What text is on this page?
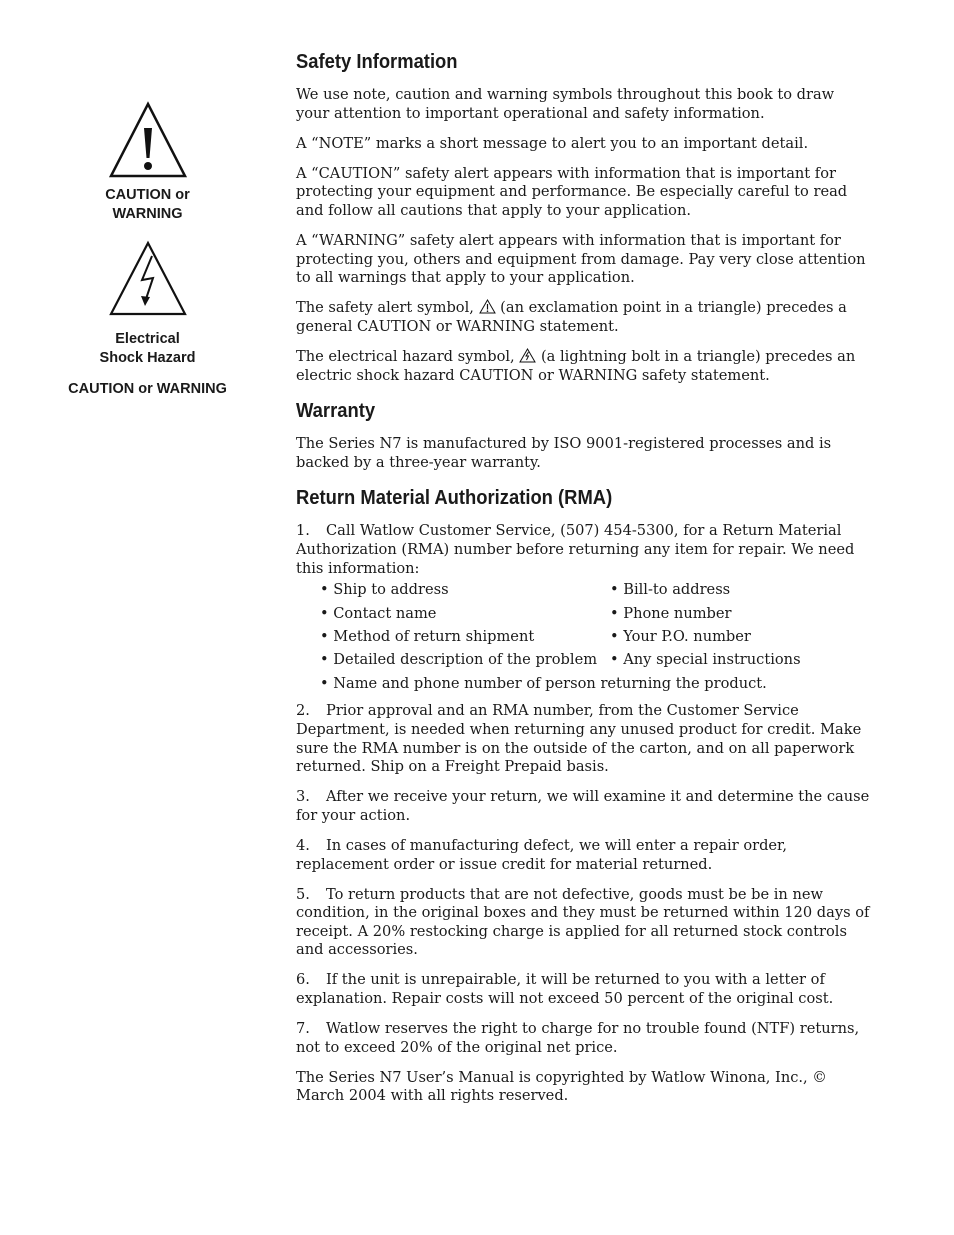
CAUTION or
WARNING
Electrical
Shock Hazard
CAUTION or WARNING
Safety Information

We use note, caution and warning symbols throughout this book to draw your attention to important operational and safety information.

A “NOTE” marks a short message to alert you to an important detail.

A “CAUTION” safety alert appears with information that is important for protecting your equipment and performance. Be especially careful to read and follow all cautions that apply to your application.

A “WARNING” safety alert appears with information that is important for protecting you, others and equipment from damage. Pay very close attention to all warnings that apply to your application.

The safety alert symbol, (an exclamation point in a triangle) precedes a general CAUTION or WARNING statement.

The electrical hazard symbol, (a lightning bolt in a triangle) precedes an electric shock hazard CAUTION or WARNING safety statement.

Warranty

The Series N7 is manufactured by ISO 9001-registered processes and is backed by a three-year warranty.

Return Material Authorization (RMA)

1. Call Watlow Customer Service, (507) 454-5300, for a Return Material Authorization (RMA) number before returning any item for repair. We need this information:

• Ship to address	• Bill-to address
• Contact name	• Phone number
• Method of return shipment	• Your P.O. number
• Detailed description of the problem • Any special instructions
• Name and phone number of person returning the product.

2. Prior approval and an RMA number, from the Customer Service Department, is needed when returning any unused product for credit. Make sure the RMA number is on the outside of the carton, and on all paperwork returned. Ship on a Freight Prepaid basis.

3. After we receive your return, we will examine it and determine the cause for your action.

4. In cases of manufacturing defect, we will enter a repair order, replacement order or issue credit for material returned.

5. To return products that are not defective, goods must be be in new condition, in the original boxes and they must be returned within 120 days of receipt. A 20% restocking charge is applied for all returned stock controls and accessories.

6. If the unit is unrepairable, it will be returned to you with a letter of explanation. Repair costs will not exceed 50 percent of the original cost.

7. Watlow reserves the right to charge for no trouble found (NTF) returns, not to exceed 20% of the original net price.

The Series N7 User’s Manual is copyrighted by Watlow Winona, Inc., © March 2004 with all rights reserved.
